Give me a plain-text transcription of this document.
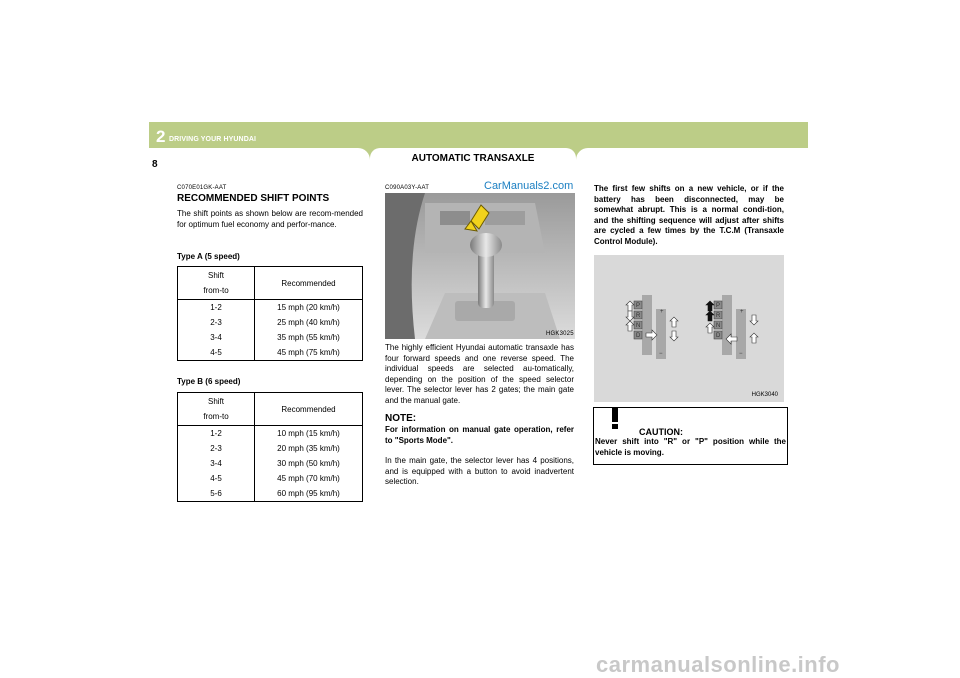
2 DRIVING YOUR HYUNDAI
AUTOMATIC TRANSAXLE
8
C070E01GK-AAT
RECOMMENDED SHIFT POINTS
The shift points as shown below are recom-mended for optimum fuel economy and perfor-mance.
Type A (5 speed)
Shift
from-to	Recommended
1-2	15 mph (20 km/h)
2-3	25 mph (40 km/h)
3-4	35 mph (55 km/h)
4-5	45 mph (75 km/h)
Type B (6 speed)
Shift
from-to	Recommended
1-2	10 mph (15 km/h)
2-3	20 mph (35 km/h)
3-4	30 mph (50 km/h)
4-5	45 mph (70 km/h)
5-6	60 mph (95 km/h)
C090A03Y-AAT	CarManuals2.com
HGK3025
The highly efficient Hyundai automatic transaxle has four forward speeds and one reverse speed. The individual speeds are selected au-tomatically, depending on the position of the speed selector lever. The selector lever has 2 gates; the main gate and the manual gate.
NOTE:
For information on manual gate operation, refer to "Sports Mode".
In the main gate, the selector lever has 4 positions, and is equipped with a button to avoid inadvertent selection.
The first few shifts on a new vehicle, or if the battery has been disconnected, may be somewhat abrupt. This is a normal condi-tion, and the shifting sequence will adjust after shifts are cycled a few times by the T.C.M (Transaxle Control Module).
P
R
N
D
+
−
P
R
N
D
+
−
HGK3040
CAUTION:
Never shift into "R" or "P" position while the vehicle is moving.
carmanualsonline.info
